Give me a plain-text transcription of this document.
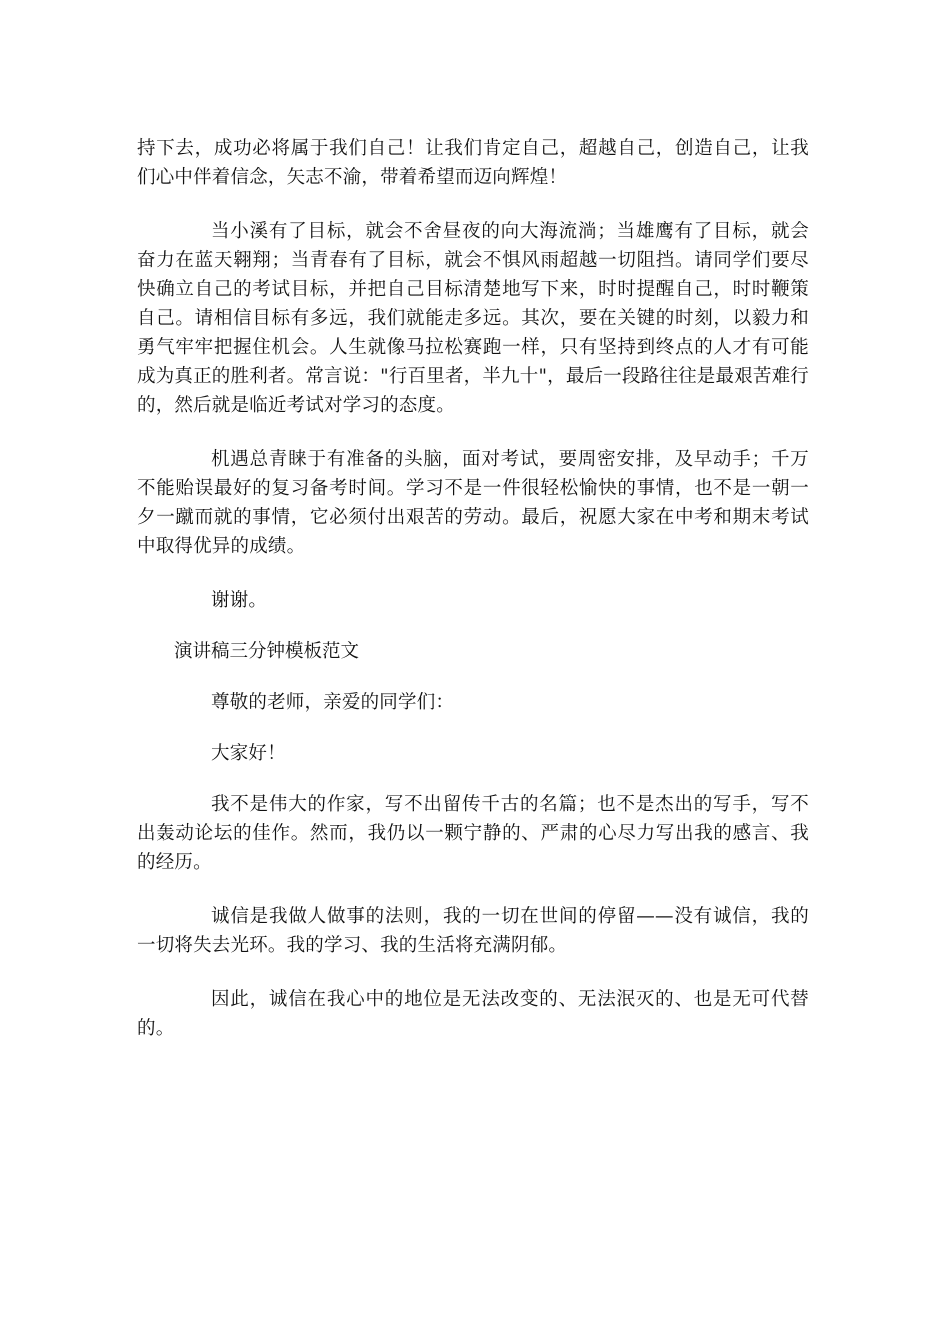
持下去，成功必将属于我们自己！让我们肯定自己，超越自己，创造自己，让我们心中伴着信念，矢志不渝，带着希望而迈向辉煌！

当小溪有了目标，就会不舍昼夜的向大海流淌；当雄鹰有了目标，就会奋力在蓝天翱翔；当青春有了目标，就会不惧风雨超越一切阻挡。请同学们要尽快确立自己的考试目标，并把自己目标清楚地写下来，时时提醒自己，时时鞭策自己。请相信目标有多远，我们就能走多远。其次，要在关键的时刻，以毅力和勇气牢牢把握住机会。人生就像马拉松赛跑一样，只有坚持到终点的人才有可能成为真正的胜利者。常言说："行百里者，半九十"，最后一段路往往是最艰苦难行的，然后就是临近考试对学习的态度。

机遇总青睐于有准备的头脑，面对考试，要周密安排，及早动手；千万不能贻误最好的复习备考时间。学习不是一件很轻松愉快的事情，也不是一朝一夕一蹴而就的事情，它必须付出艰苦的劳动。最后，祝愿大家在中考和期末考试中取得优异的成绩。

谢谢。

演讲稿三分钟模板范文

尊敬的老师，亲爱的同学们：

大家好！

我不是伟大的作家，写不出留传千古的名篇；也不是杰出的写手，写不出轰动论坛的佳作。然而，我仍以一颗宁静的、严肃的心尽力写出我的感言、我的经历。

诚信是我做人做事的法则，我的一切在世间的停留——没有诚信，我的一切将失去光环。我的学习、我的生活将充满阴郁。

因此，诚信在我心中的地位是无法改变的、无法泯灭的、也是无可代替的。
